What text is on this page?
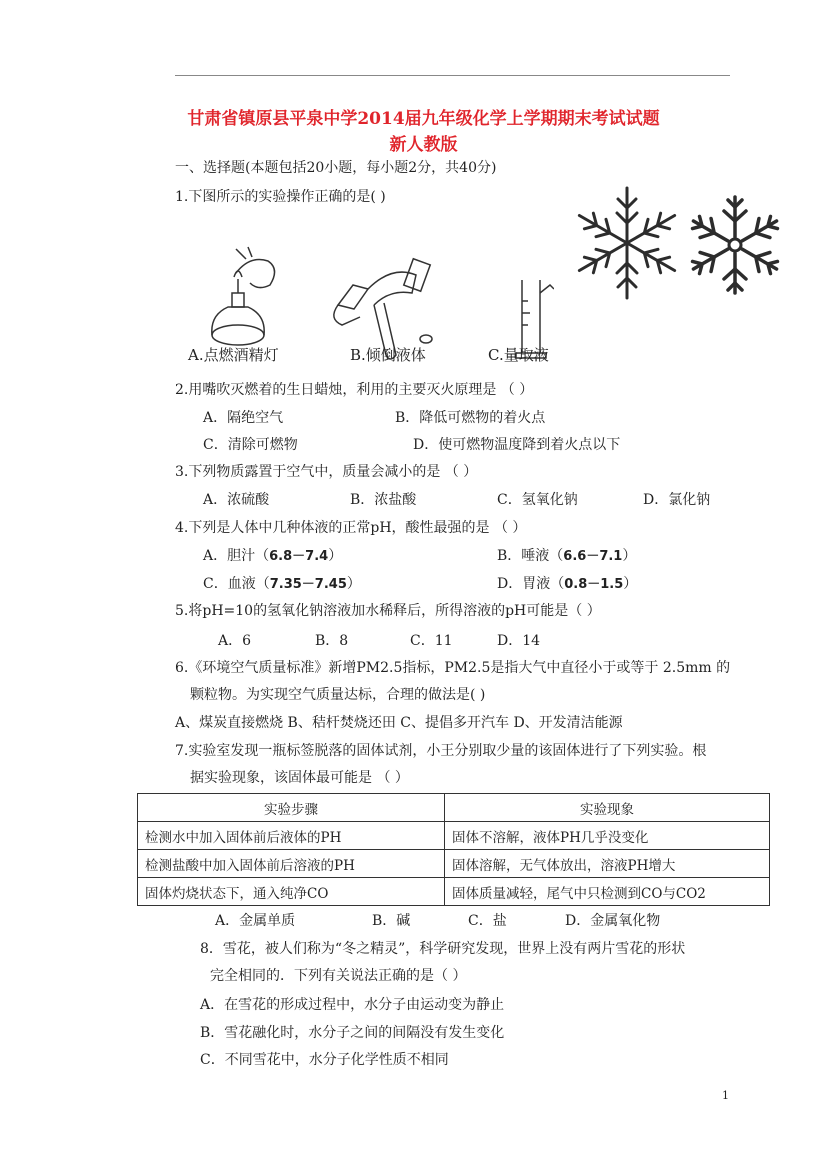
甘肃省镇原县平泉中学2014届九年级化学上学期期末考试试题
新人教版
一、选择题(本题包括20小题，每小题2分，共40分)
1.下图所示的实验操作正确的是( )
A.点燃酒精灯	B.倾倒液体	C.量取液
2.用嘴吹灭燃着的生日蜡烛，利用的主要灭火原理是 （ ）
A．隔绝空气	B．降低可燃物的着火点
C．清除可燃物	D．使可燃物温度降到着火点以下
3.下列物质露置于空气中，质量会减小的是 （ ）
A．浓硫酸	B．浓盐酸	C．氢氧化钠	D．氯化钠
4.下列是人体中几种体液的正常pH，酸性最强的是 （ ）
A．胆汁（6.8－7.4）	B．唾液（6.6－7.1）
C．血液（7.35－7.45）	D．胃液（0.8－1.5）
5.将pH=10的氢氧化钠溶液加水稀释后，所得溶液的pH可能是（ ）
A．6	B．8	C．11	D．14
6.《环境空气质量标准》新增PM2.5指标，PM2.5是指大气中直径小于或等于 2.5mm 的
颗粒物。为实现空气质量达标，合理的做法是( )
A、煤炭直接燃烧 B、秸杆焚烧还田 C、提倡多开汽车 D、开发清洁能源
7.实验室发现一瓶标签脱落的固体试剂，小王分别取少量的该固体进行了下列实验。根
据实验现象，该固体最可能是 （ ）
实验步骤	实验现象
检测水中加入固体前后液体的PH	固体不溶解，液体PH几乎没变化
检测盐酸中加入固体前后溶液的PH	固体溶解，无气体放出，溶液PH增大
固体灼烧状态下，通入纯净CO	固体质量减轻，尾气中只检测到CO与CO2
A．金属单质	B．碱	C．盐	D．金属氧化物
8．雪花，被人们称为“冬之精灵”，科学研究发现，世界上没有两片雪花的形状
完全相同的．下列有关说法正确的是（ ）
A．在雪花的形成过程中，水分子由运动变为静止
B．雪花融化时，水分子之间的间隔没有发生变化
C．不同雪花中，水分子化学性质不相同
1
